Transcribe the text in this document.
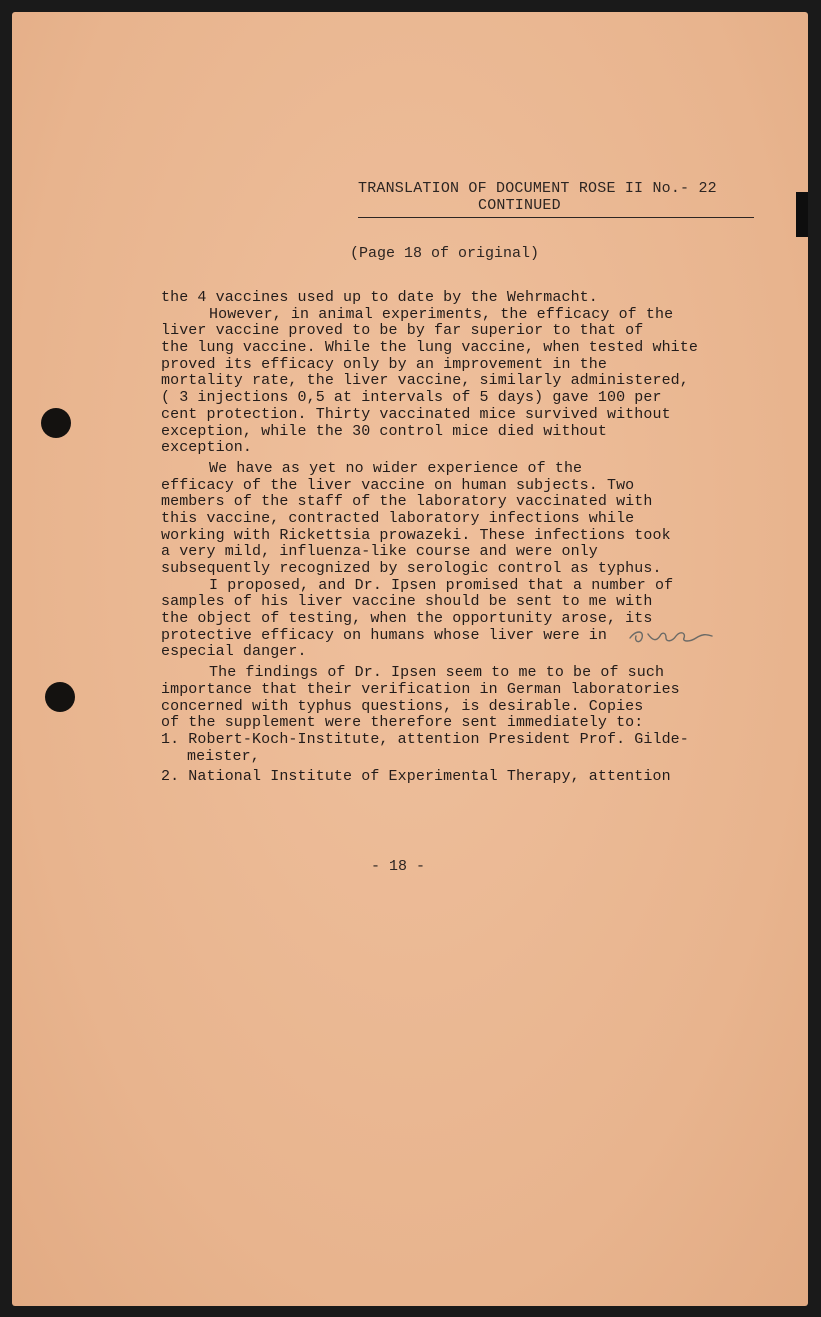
TRANSLATION OF DOCUMENT ROSE II No.- 22
CONTINUED
(Page 18 of original)
the 4 vaccines used up to date by the Wehrmacht.
However, in animal experiments, the efficacy of the
liver vaccine proved to be by far superior to that of
the lung vaccine. While the lung vaccine, when tested white
proved its efficacy only by an improvement in the
mortality rate, the liver vaccine, similarly administered,
( 3 injections 0,5 at intervals of 5 days) gave 100 per
cent protection. Thirty vaccinated mice survived without
exception, while the 30 control mice died without
exception.
We have as yet no wider experience of the
efficacy of the liver vaccine on human subjects. Two
members of the staff of the laboratory vaccinated with
this vaccine, contracted laboratory infections while
working with Rickettsia prowazeki. These infections took
a very mild, influenza-like course and were only
subsequently recognized by serologic control as typhus.
I proposed, and Dr. Ipsen promised that a number of
samples of his liver vaccine should be sent to me with
the object of testing, when the opportunity arose, its
protective efficacy on humans whose liver were in
especial danger.
The findings of Dr. Ipsen seem to me to be of such
importance that their verification in German laboratories
concerned with typhus questions, is desirable. Copies
of the supplement were therefore sent immediately to:
1. Robert-Koch-Institute, attention President Prof. Gilde-
meister,
2. National Institute of Experimental Therapy, attention
- 18 -
